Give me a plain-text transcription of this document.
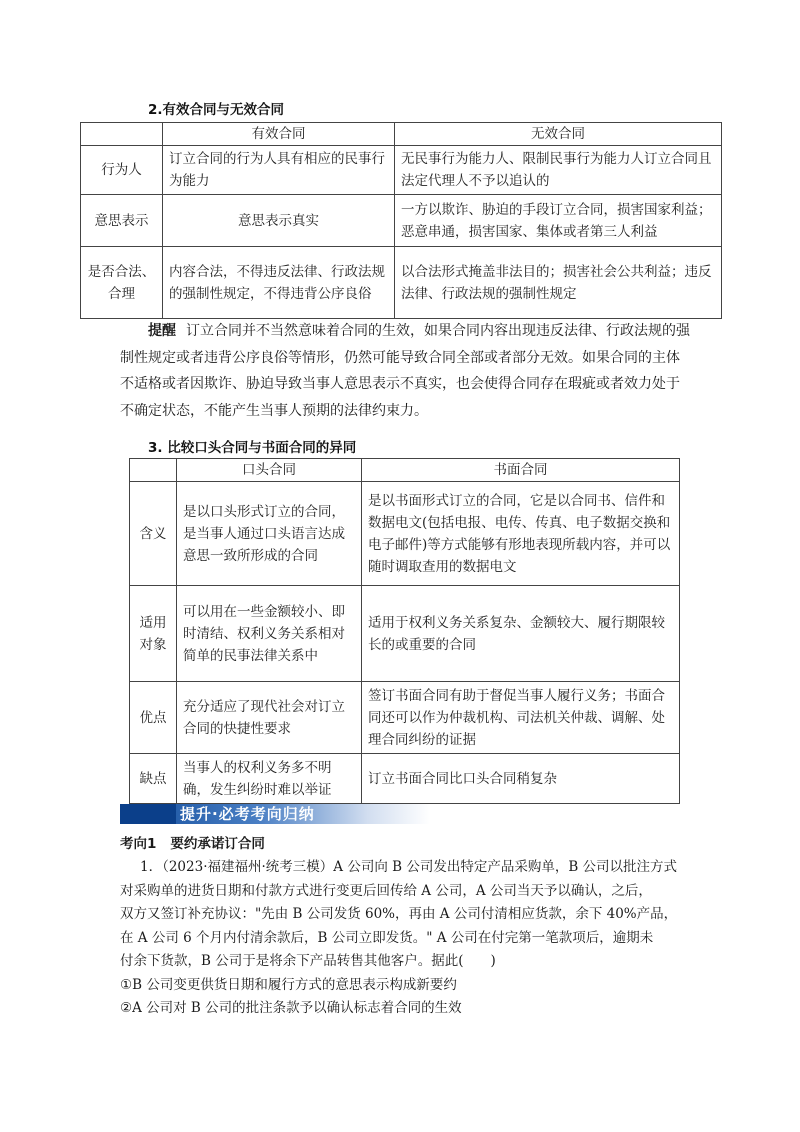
2.有效合同与无效合同
	有效合同	无效合同
行为人	订立合同的行为人具有相应的民事行为能力	无民事行为能力人、限制民事行为能力人订立合同且法定代理人不予以追认的
意思表示	意思表示真实	一方以欺诈、胁迫的手段订立合同，损害国家利益；恶意串通，损害国家、集体或者第三人利益
是否合法、合理	内容合法，不得违反法律、行政法规的强制性规定，不得违背公序良俗	以合法形式掩盖非法目的；损害社会公共利益；违反法律、行政法规的强制性规定
提醒 订立合同并不当然意味着合同的生效，如果合同内容出现违反法律、行政法规的强制性规定或者违背公序良俗等情形，仍然可能导致合同全部或者部分无效。如果合同的主体不适格或者因欺诈、胁迫导致当事人意思表示不真实，也会使得合同存在瑕疵或者效力处于不确定状态，不能产生当事人预期的法律约束力。
3. 比较口头合同与书面合同的异同
	口头合同	书面合同
含义	是以口头形式订立的合同，是当事人通过口头语言达成意思一致所形成的合同	是以书面形式订立的合同，它是以合同书、信件和数据电文(包括电报、电传、传真、电子数据交换和电子邮件)等方式能够有形地表现所载内容，并可以随时调取查用的数据电文
适用对象	可以用在一些金额较小、即时清结、权利义务关系相对简单的民事法律关系中	适用于权利义务关系复杂、金额较大、履行期限较长的或重要的合同
优点	充分适应了现代社会对订立合同的快捷性要求	签订书面合同有助于督促当事人履行义务；书面合同还可以作为仲裁机构、司法机关仲裁、调解、处理合同纠纷的证据
缺点	当事人的权利义务多不明确，发生纠纷时难以举证	订立书面合同比口头合同稍复杂
提升·必考考向归纳
考向1 要约承诺订合同
1．（2023·福建福州·统考三模）A 公司向 B 公司发出特定产品采购单，B 公司以批注方式
对采购单的进货日期和付款方式进行变更后回传给 A 公司，A 公司当天予以确认，之后，
双方又签订补充协议："先由 B 公司发货 60%，再由 A 公司付清相应货款，余下 40%产品，
在 A 公司 6 个月内付清余款后，B 公司立即发货。" A 公司在付完第一笔款项后，逾期未
付余下货款，B 公司于是将余下产品转售其他客户。据此(　　)
①B 公司变更供货日期和履行方式的意思表示构成新要约
②A 公司对 B 公司的批注条款予以确认标志着合同的生效
